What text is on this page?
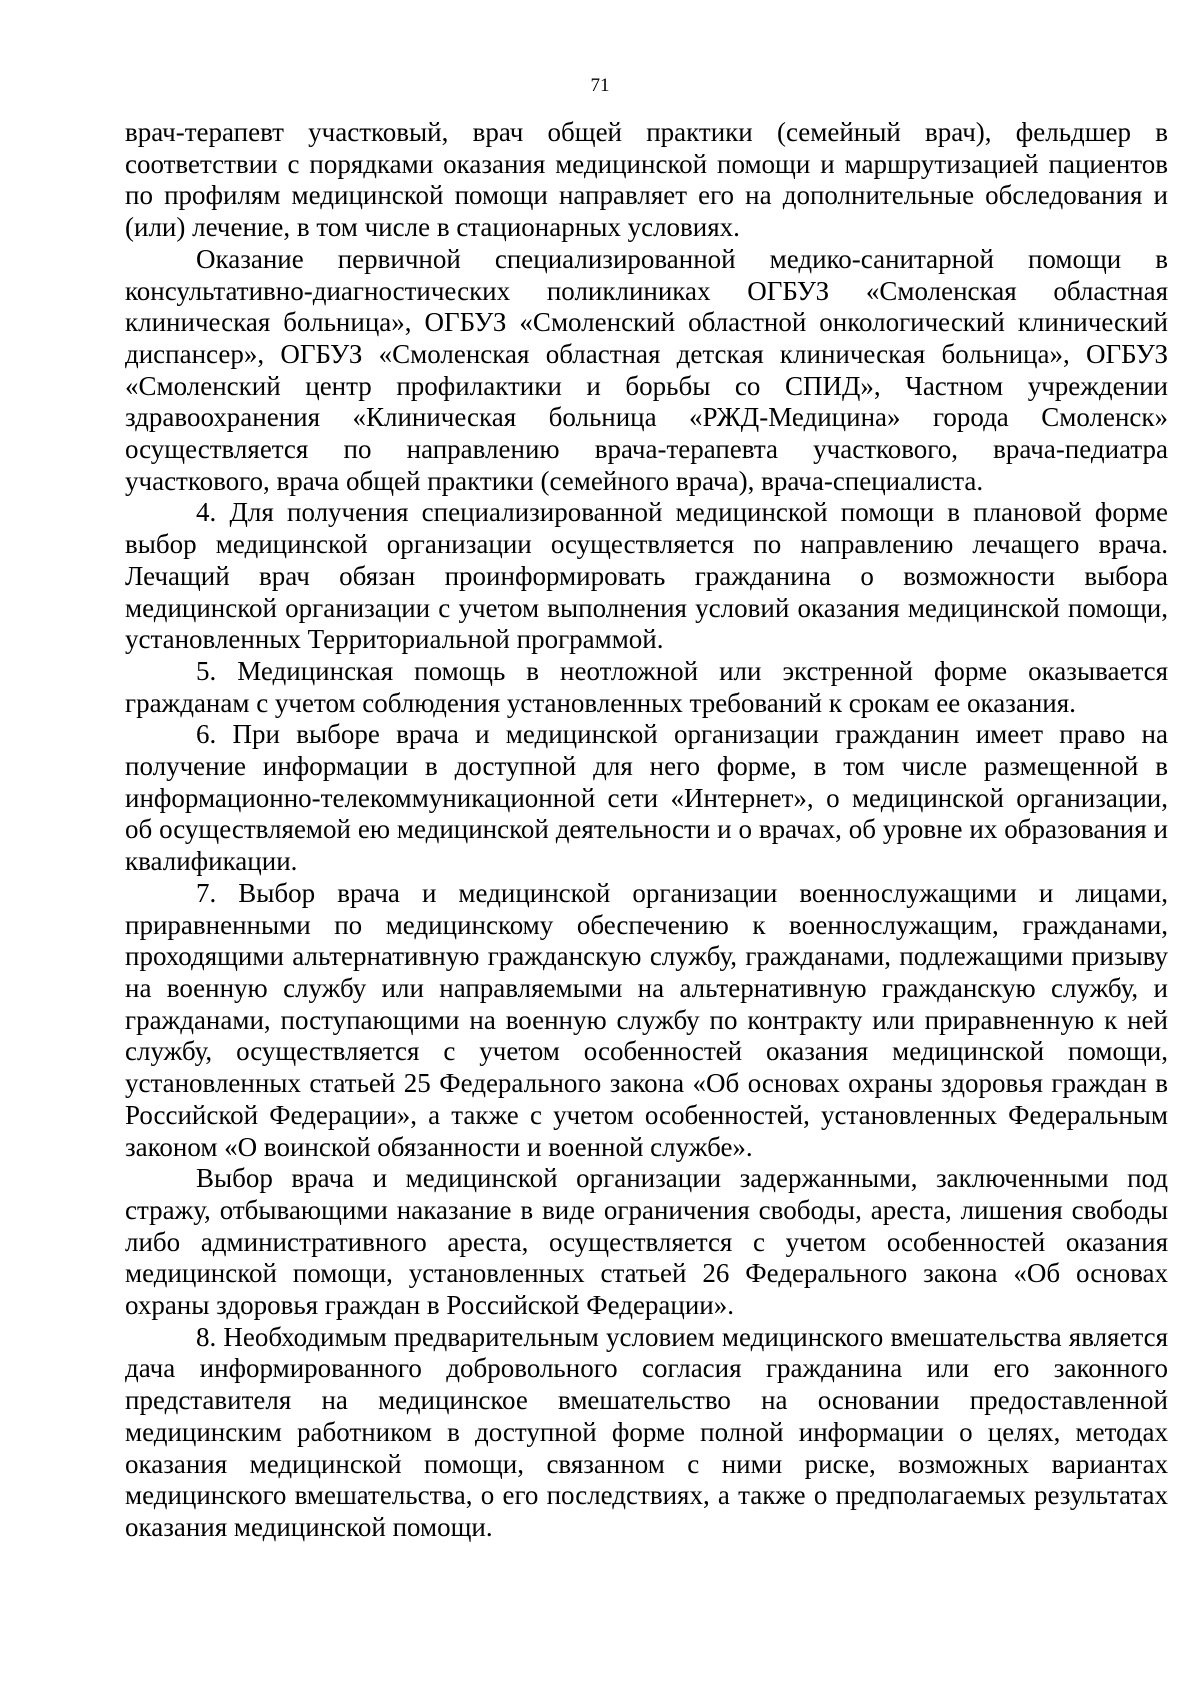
71

врач-терапевт участковый, врач общей практики (семейный врач), фельдшер в соответствии с порядками оказания медицинской помощи и маршрутизацией пациентов по профилям медицинской помощи направляет его на дополнительные обследования и (или) лечение, в том числе в стационарных условиях.

Оказание первичной специализированной медико-санитарной помощи в консультативно-диагностических поликлиниках ОГБУЗ «Смоленская областная клиническая больница», ОГБУЗ «Смоленский областной онкологический клинический диспансер», ОГБУЗ «Смоленская областная детская клиническая больница», ОГБУЗ «Смоленский центр профилактики и борьбы со СПИД», Частном учреждении здравоохранения «Клиническая больница «РЖД-Медицина» города Смоленск» осуществляется по направлению врача-терапевта участкового, врача-педиатра участкового, врача общей практики (семейного врача), врача-специалиста.

4. Для получения специализированной медицинской помощи в плановой форме выбор медицинской организации осуществляется по направлению лечащего врача. Лечащий врач обязан проинформировать гражданина о возможности выбора медицинской организации с учетом выполнения условий оказания медицинской помощи, установленных Территориальной программой.

5. Медицинская помощь в неотложной или экстренной форме оказывается гражданам с учетом соблюдения установленных требований к срокам ее оказания.

6. При выборе врача и медицинской организации гражданин имеет право на получение информации в доступной для него форме, в том числе размещенной в информационно-телекоммуникационной сети «Интернет», о медицинской организации, об осуществляемой ею медицинской деятельности и о врачах, об уровне их образования и квалификации.

7. Выбор врача и медицинской организации военнослужащими и лицами, приравненными по медицинскому обеспечению к военнослужащим, гражданами, проходящими альтернативную гражданскую службу, гражданами, подлежащими призыву на военную службу или направляемыми на альтернативную гражданскую службу, и гражданами, поступающими на военную службу по контракту или приравненную к ней службу, осуществляется с учетом особенностей оказания медицинской помощи, установленных статьей 25 Федерального закона «Об основах охраны здоровья граждан в Российской Федерации», а также с учетом особенностей, установленных Федеральным законом «О воинской обязанности и военной службе».

Выбор врача и медицинской организации задержанными, заключенными под стражу, отбывающими наказание в виде ограничения свободы, ареста, лишения свободы либо административного ареста, осуществляется с учетом особенностей оказания медицинской помощи, установленных статьей 26 Федерального закона «Об основах охраны здоровья граждан в Российской Федерации».

8. Необходимым предварительным условием медицинского вмешательства является дача информированного добровольного согласия гражданина или его законного представителя на медицинское вмешательство на основании предоставленной медицинским работником в доступной форме полной информации о целях, методах оказания медицинской помощи, связанном с ними риске, возможных вариантах медицинского вмешательства, о его последствиях, а также о предполагаемых результатах оказания медицинской помощи.
